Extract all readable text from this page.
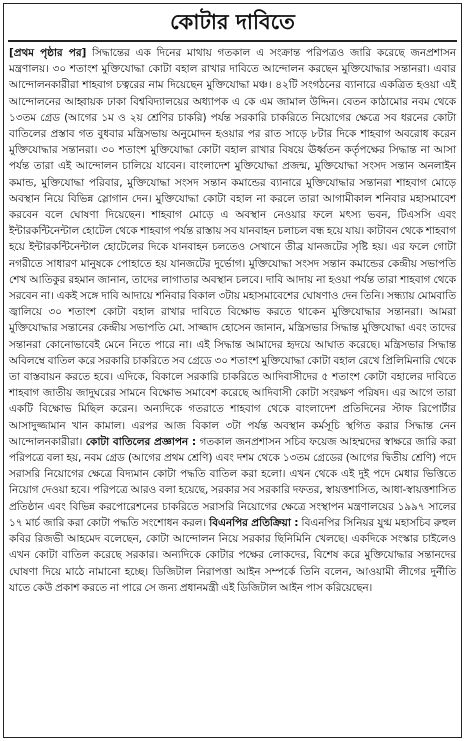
কোটার দাবিতে

[প্রথম পৃষ্ঠার পর] সিদ্ধান্তের এক দিনের মাথায় গতকাল এ সংক্রান্ত পরিপত্রও জারি করেছে জনপ্রশাসন মন্ত্রণালয়। ৩০ শতাংশ মুক্তিযোদ্ধা কোটা বহাল রাখার দাবিতে আন্দোলন করছেন মুক্তিযোদ্ধার সন্তানরা। এবার আন্দোলনকারীরা শাহবাগ চত্বরের নাম দিয়েছেন মুক্তিযোদ্ধা মঞ্চ। ৪২টি সংগঠনের ব্যানারে একত্রিত হওয়া এই আন্দোলনের আহ্বায়ক ঢাকা বিশ্ববিদ্যালয়ের অধ্যাপক এ কে এম জামাল উদ্দিন। বেতন কাঠামোর নবম থেকে ১৩তম গ্রেড (আগের ১ম ও ২য় শ্রেণির চাকরি) পর্যন্ত সরকারি চাকরিতে নিয়োগের ক্ষেত্রে সব ধরনের কোটা বাতিলের প্রস্তাব গত বুধবার মন্ত্রিসভায় অনুমোদন হওয়ার পর রাত সাড়ে ৮টার দিকে শাহবাগ অবরোধ করেন মুক্তিযোদ্ধার সন্তানরা। ৩০ শতাংশ মুক্তিযোদ্ধা কোটা বহাল রাখার বিষয়ে ঊর্ধ্বতন কর্তৃপক্ষের সিদ্ধান্ত না আসা পর্যন্ত তারা এই আন্দোলন চালিয়ে যাবেন। বাংলাদেশ মুক্তিযোদ্ধা প্রজন্ম, মুক্তিযোদ্ধা সংসদ সন্তান অনলাইন কমান্ড, মুক্তিযোদ্ধা পরিবার, মুক্তিযোদ্ধা সংসদ সন্তান কমান্ডের ব্যানারে মুক্তিযোদ্ধার সন্তানরা শাহবাগ মোড়ে অবস্থান নিয়ে বিভিন্ন স্লোগান দেন। মুক্তিযোদ্ধা কোটা বহাল না করলে তারা আগামীকাল শনিবার মহাসমাবেশ করবেন বলে ঘোষণা দিয়েছেন। শাহবাগ মোড়ে এ অবস্থান নেওয়ার ফলে মৎস্য ভবন, টিএসসি এবং ইন্টারকন্টিনেন্টাল হোটেল থেকে শাহবাগ পর্যন্ত রাস্তায় সব যানবাহন চলাচল বন্ধ হয়ে যায়। কাটাবন থেকে শাহবাগ হয়ে ইন্টারকন্টিনেন্টাল হোটেলের দিকে যানবাহন চলতেও সেখানে তীব্র যানজটের সৃষ্টি হয়। এর ফলে গোটা নগরীতে সাধারণ মানুষকে পোহাতে হয় যানজটের দুর্ভোগ। মুক্তিযোদ্ধা সংসদ সন্তান কমান্ডের কেন্দ্রীয় সভাপতি শেখ আতিকুর রহমান জানান, তাদের লাগাতার অবস্থান চলবে। দাবি আদায় না হওয়া পর্যন্ত তারা শাহবাগ থেকে সরবেন না। একই সঙ্গে দাবি আদায়ে শনিবার বিকাল ৩টায় মহাসমাবেশের ঘোষণাও দেন তিনি। সন্ধ্যায় মোমবাতি জ্বালিয়ে ৩০ শতাংশ কোটা বহাল রাখার দাবিতে বিক্ষোভ করতে থাকেন মুক্তিযোদ্ধার সন্তানরা। আমরা মুক্তিযোদ্ধার সন্তানের কেন্দ্রীয় সভাপতি মো. সাজ্জাদ হোসেন জানান, মন্ত্রিসভার সিদ্ধান্ত মুক্তিযোদ্ধা এবং তাদের সন্তানরা কোনোভাবেই মেনে নিতে পারে না। এই সিদ্ধান্ত আমাদের হৃদয়ে আঘাত করেছে। মন্ত্রিসভার সিদ্ধান্ত অবিলম্বে বাতিল করে সরকারি চাকরিতে সব গ্রেডে ৩০ শতাংশ মুক্তিযোদ্ধা কোটা বহাল রেখে প্রিলিমিনারি থেকে তা বাস্তবায়ন করতে হবে। এদিকে, বিকালে সরকারি চাকরিতে আদিবাসীদের ৫ শতাংশ কোটা বহালের দাবিতে শাহবাগ জাতীয় জাদুঘরের সামনে বিক্ষোভ সমাবেশ করেছে আদিবাসী কোটা সংরক্ষণ পরিষদ। এর আগে তারা একটি বিক্ষোভ মিছিল করেন। অন্যদিকে গতরাতে শাহবাগ থেকে বাংলাদেশ প্রতিদিনের স্টাফ রিপোর্টার আসাদুজ্জামান খান কামাল। এরপর আজ বিকাল ৩টা পর্যন্ত অবস্থান কর্মসূচি স্থগিত করার সিদ্ধান্ত নেন আন্দোলনকারীরা। কোটা বাতিলের প্রজ্ঞাপন : গতকাল জনপ্রশাসন সচিব ফয়েজ আহম্মদের স্বাক্ষরে জারি করা পরিপত্রে বলা হয়, নবম গ্রেড (আগের প্রথম শ্রেণি) এবং দশম থেকে ১৩তম গ্রেডের (আগের দ্বিতীয় শ্রেণি) পদে সরাসরি নিয়োগের ক্ষেত্রে বিদ্যমান কোটা পদ্ধতি বাতিল করা হলো। এখন থেকে এই দুই পদে মেধার ভিত্তিতে নিয়োগ দেওয়া হবে। পরিপত্রে আরও বলা হয়েছে, সরকার সব সরকারি দফতর, স্বায়ত্তশাসিত, আধা-স্বায়ত্তশাসিত প্রতিষ্ঠান এবং বিভিন্ন করপোরেশনের চাকরিতে সরাসরি নিয়োগের ক্ষেত্রে সংস্থাপন মন্ত্রণালয়ের ১৯৯৭ সালের ১৭ মার্চ জারি করা কোটা পদ্ধতি সংশোধন করল। বিএনপির প্রতিক্রিয়া : বিএনপির সিনিয়র যুগ্ম মহাসচিব রুহুল কবির রিজভী আহমেদ বলেছেন, কোটা আন্দোলন নিয়ে সরকার ছিনিমিনি খেলছে। একদিকে সংস্কার চাইলেও এখন কোটা বাতিল করেছে সরকার। অন্যদিকে কোটার পক্ষের লোকদের, বিশেষ করে মুক্তিযোদ্ধার সন্তানদের ঘোষণা দিয়ে মাঠে নামানো হচ্ছে। ডিজিটাল নিরাপত্তা আইন সম্পর্কে তিনি বলেন, আওয়ামী লীগের দুর্নীতি যাতে কেউ প্রকাশ করতে না পারে সে জন্য প্রধানমন্ত্রী এই ডিজিটাল আইন পাস করিয়েছেন।
